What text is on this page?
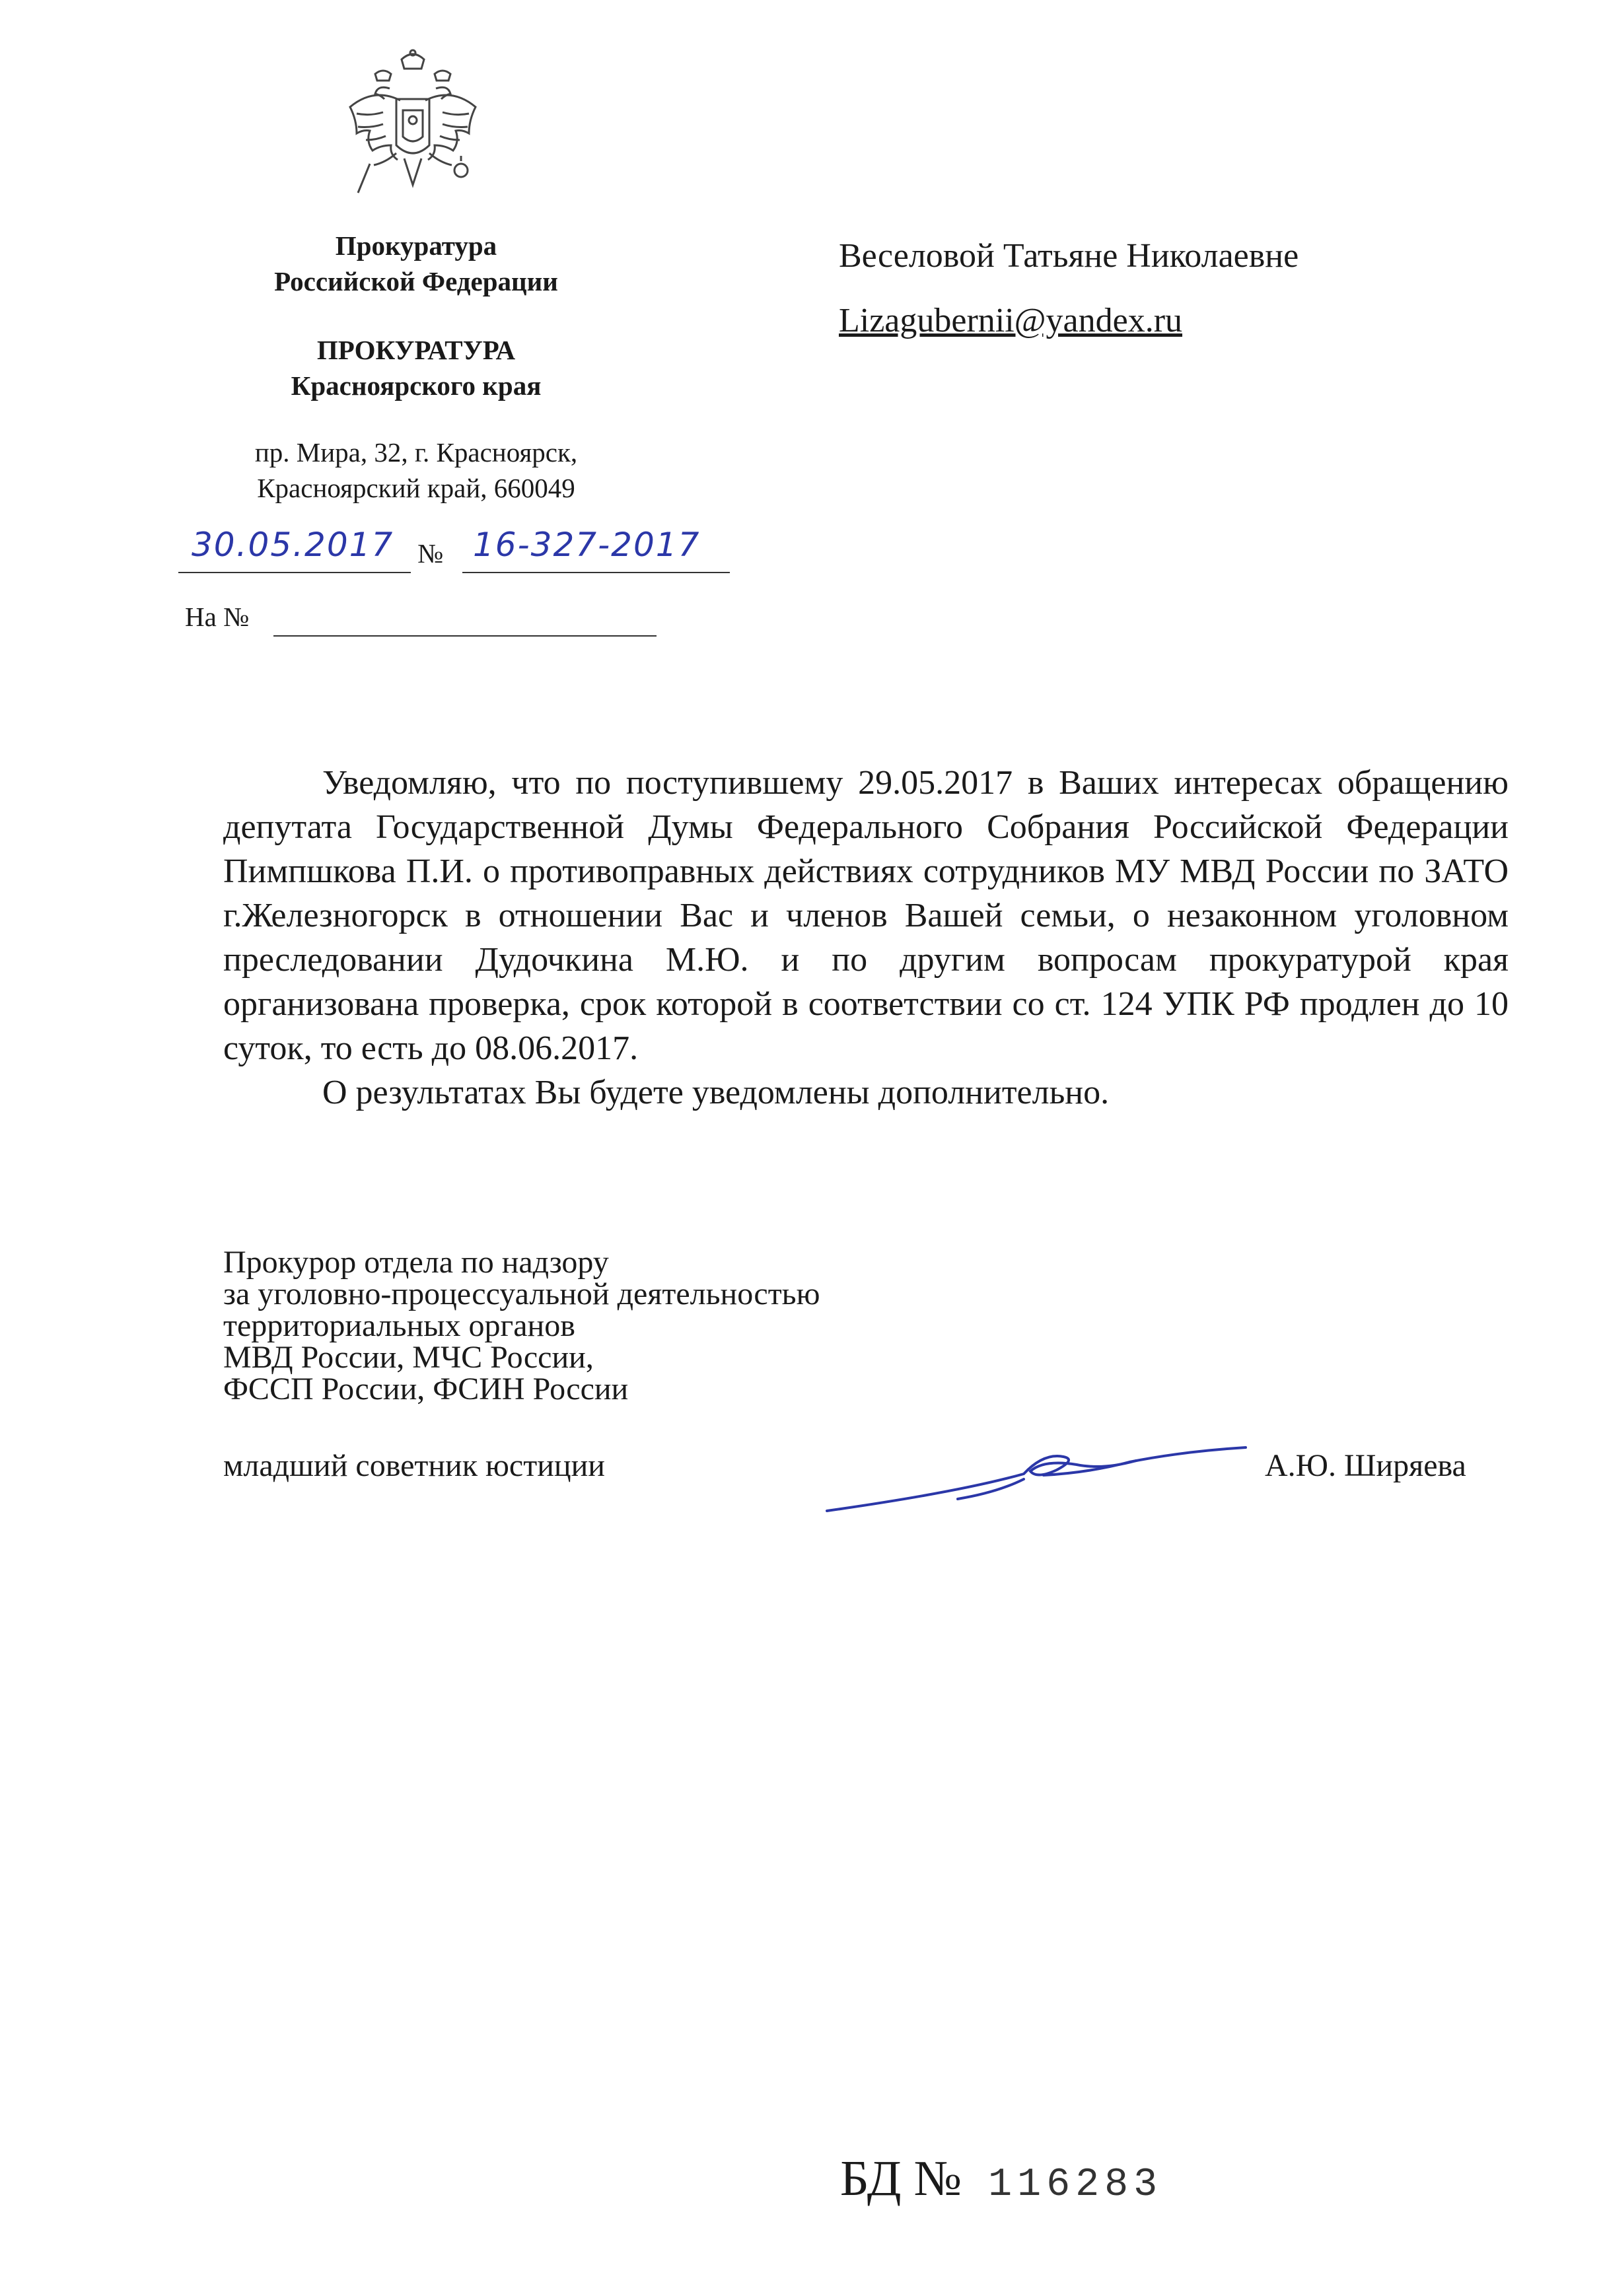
Прокуратура
Российской Федерации
ПРОКУРАТУРА
Красноярского края
пр. Мира, 32, г. Красноярск,
Красноярский край, 660049
30.05.2017 № 16-327-2017
На №
Веселовой Татьяне Николаевне
Lizagubernii@yandex.ru

Уведомляю, что по поступившему 29.05.2017 в Ваших интересах обращению депутата Государственной Думы Федерального Собрания Российской Федерации Пимпшкова П.И. о противоправных действиях сотрудников МУ МВД России по ЗАТО г.Железногорск в отношении Вас и членов Вашей семьи, о незаконном уголовном преследовании Дудочкина М.Ю. и по другим вопросам прокуратурой края организована проверка, срок которой в соответствии со ст. 124 УПК РФ продлен до 10 суток, то есть до 08.06.2017.

О результатах Вы будете уведомлены дополнительно.

Прокурор отдела по надзору
за уголовно-процессуальной деятельностью
территориальных органов
МВД России, МЧС России,
ФССП России, ФСИН России
младший советник юстиции	А.Ю. Ширяева
БД № 116283
